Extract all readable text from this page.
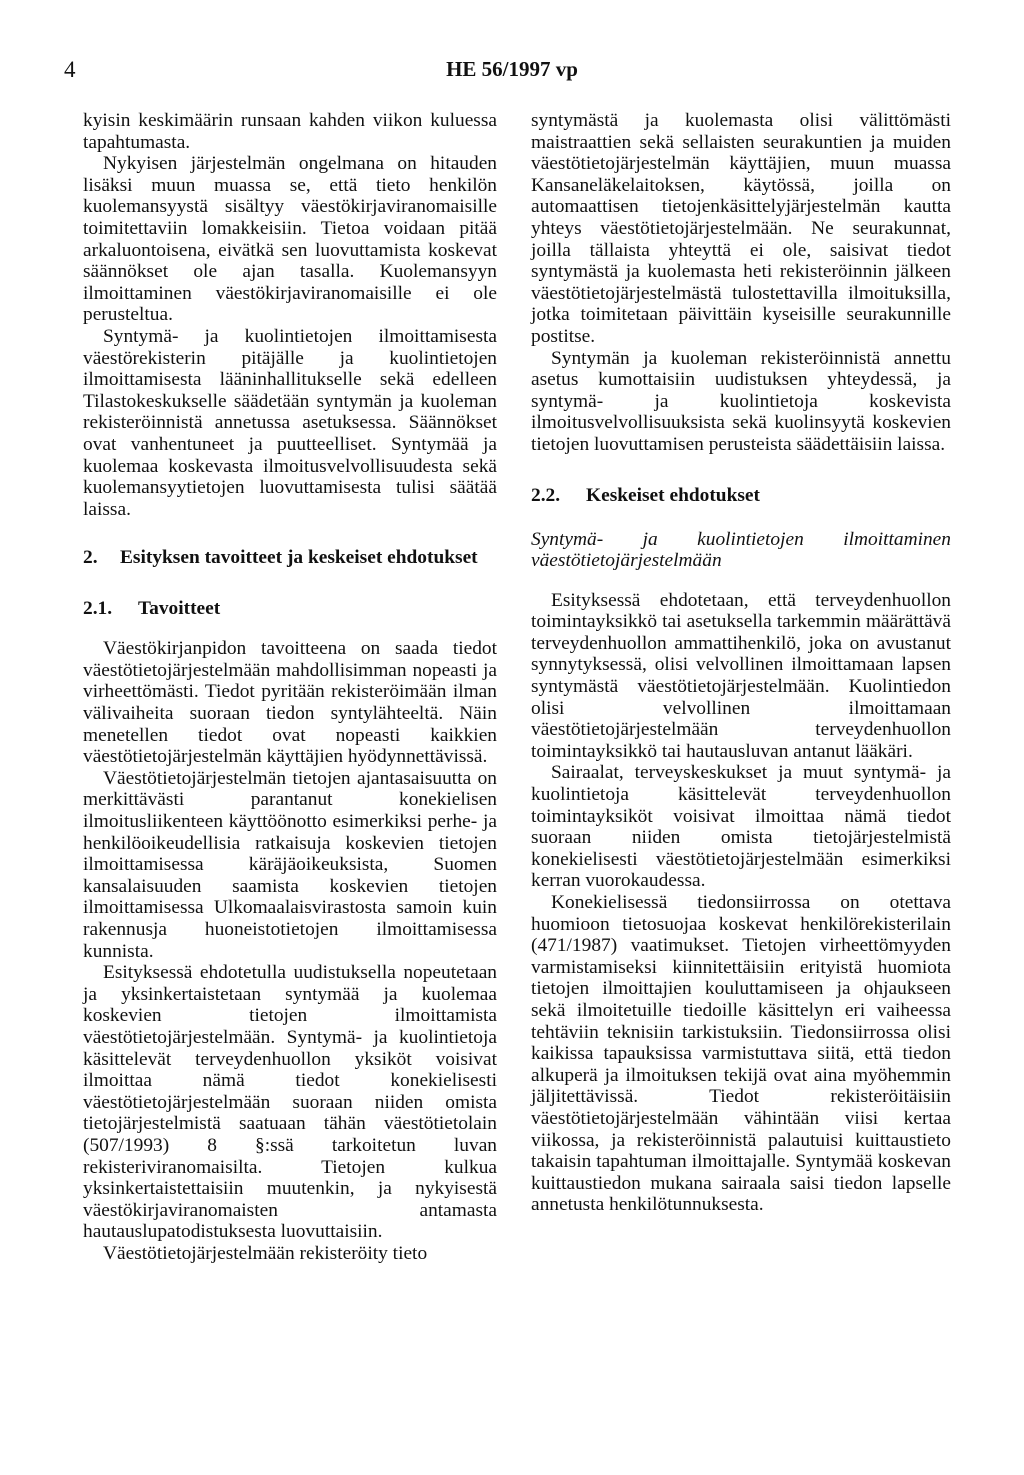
4	HE 56/1997 vp

kyisin keskimäärin runsaan kahden viikon kuluessa tapahtumasta.

Nykyisen järjestelmän ongelmana on hitauden lisäksi muun muassa se, että tieto henkilön kuolemansyystä sisältyy väestökirjaviranomaisille toimitettaviin lomakkeisiin. Tietoa voidaan pitää arkaluontoisena, eivätkä sen luovuttamista koskevat säännökset ole ajan tasalla. Kuolemansyyn ilmoittaminen väestökirjaviranomaisille ei ole perusteltua.

Syntymä- ja kuolintietojen ilmoittamisesta väestörekisterin pitäjälle ja kuolintietojen ilmoittamisesta lääninhallitukselle sekä edelleen Tilastokeskukselle säädetään syntymän ja kuoleman rekisteröinnistä annetussa asetuksessa. Säännökset ovat vanhentuneet ja puutteelliset. Syntymää ja kuolemaa koskevasta ilmoitusvelvollisuudesta sekä kuolemansyytietojen luovuttamisesta tulisi säätää laissa.

2.	Esityksen tavoitteet ja keskeiset ehdotukset
2.1.	Tavoitteet

Väestökirjanpidon tavoitteena on saada tiedot väestötietojärjestelmään mahdollisimman nopeasti ja virheettömästi. Tiedot pyritään rekisteröimään ilman välivaiheita suoraan tiedon syntylähteeltä. Näin menetellen tiedot ovat nopeasti kaikkien väestötietojärjestelmän käyttäjien hyödynnettävissä.

Väestötietojärjestelmän tietojen ajantasaisuutta on merkittävästi parantanut konekielisen ilmoitusliikenteen käyttöönotto esimerkiksi perhe- ja henkilöoikeudellisia ratkaisuja koskevien tietojen ilmoittamisessa käräjäoikeuksista, Suomen kansalaisuuden saamista koskevien tietojen ilmoittamisessa Ulkomaalaisvirastosta samoin kuin rakennusja huoneistotietojen ilmoittamisessa kunnista.

Esityksessä ehdotetulla uudistuksella nopeutetaan ja yksinkertaistetaan syntymää ja kuolemaa koskevien tietojen ilmoittamista väestötietojärjestelmään. Syntymä- ja kuolintietoja käsittelevät terveydenhuollon yksiköt voisivat ilmoittaa nämä tiedot konekielisesti väestötietojärjestelmään suoraan niiden omista tietojärjestelmistä saatuaan tähän väestötietolain (507/1993) 8 §:ssä tarkoitetun luvan rekisteriviranomaisilta. Tietojen kulkua yksinkertaistettaisiin muutenkin, ja nykyisestä väestökirjaviranomaisten antamasta hautauslupatodistuksesta luovuttaisiin.

Väestötietojärjestelmään rekisteröity tieto

syntymästä ja kuolemasta olisi välittömästi maistraattien sekä sellaisten seurakuntien ja muiden väestötietojärjestelmän käyttäjien, muun muassa Kansaneläkelaitoksen, käytössä, joilla on automaattisen tietojenkäsittelyjärjestelmän kautta yhteys väestötietojärjestelmään. Ne seurakunnat, joilla tällaista yhteyttä ei ole, saisivat tiedot syntymästä ja kuolemasta heti rekisteröinnin jälkeen väestötietojärjestelmästä tulostettavilla ilmoituksilla, jotka toimitetaan päivittäin kyseisille seurakunnille postitse.

Syntymän ja kuoleman rekisteröinnistä annettu asetus kumottaisiin uudistuksen yhteydessä, ja syntymä- ja kuolintietoja koskevista ilmoitusvelvollisuuksista sekä kuolinsyytä koskevien tietojen luovuttamisen perusteista säädettäisiin laissa.

2.2.	Keskeiset ehdotukset

Syntymä- ja kuolintietojen ilmoittaminen väestötietojärjestelmään

Esityksessä ehdotetaan, että terveydenhuollon toimintayksikkö tai asetuksella tarkemmin määrättävä terveydenhuollon ammattihenkilö, joka on avustanut synnytyksessä, olisi velvollinen ilmoittamaan lapsen syntymästä väestötietojärjestelmään. Kuolintiedon olisi velvollinen ilmoittamaan väestötietojärjestelmään terveydenhuollon toimintayksikkö tai hautausluvan antanut lääkäri.

Sairaalat, terveyskeskukset ja muut syntymä- ja kuolintietoja käsittelevät terveydenhuollon toimintayksiköt voisivat ilmoittaa nämä tiedot suoraan niiden omista tietojärjestelmistä konekielisesti väestötietojärjestelmään esimerkiksi kerran vuorokaudessa.

Konekielisessä tiedonsiirrossa on otettava huomioon tietosuojaa koskevat henkilörekisterilain (471/1987) vaatimukset. Tietojen virheettömyyden varmistamiseksi kiinnitettäisiin erityistä huomiota tietojen ilmoittajien kouluttamiseen ja ohjaukseen sekä ilmoitetuille tiedoille käsittelyn eri vaiheessa tehtäviin teknisiin tarkistuksiin. Tiedonsiirrossa olisi kaikissa tapauksissa varmistuttava siitä, että tiedon alkuperä ja ilmoituksen tekijä ovat aina myöhemmin jäljitettävissä. Tiedot rekisteröitäisiin väestötietojärjestelmään vähintään viisi kertaa viikossa, ja rekisteröinnistä palautuisi kuittaustieto takaisin tapahtuman ilmoittajalle. Syntymää koskevan kuittaustiedon mukana sairaala saisi tiedon lapselle annetusta henkilötunnuksesta.
